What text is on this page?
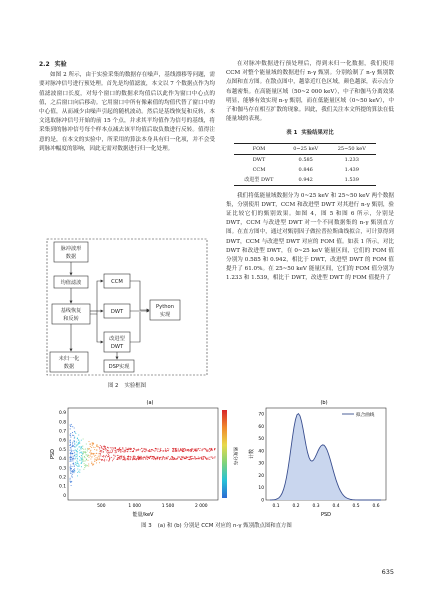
2.2 实验

如图 2 所示，由于实验采集的数据存在噪声，基线漂移等问题，需要对脉冲信号进行预处理。首先是均值滤波，本文以 7 个数据点作为均值滤波窗口长度，对每个窗口的数据求均值后以此作为窗口中心点的值，之后窗口向后移动。它用窗口中所有像素值的均值代替了窗口中的中心值，从而减少由噪声引起的随机波动。然后是基线恢复和反转，本文选取脉冲信号开始的前 15 个点，并求其平均值作为信号的基线，将采集到的脉冲信号每个样本点减去该平均值后取负数进行反转。值得注意的是，在本文的实验中，所采用的算法本身具有归一化项，并不会受到脉冲幅度的影响，因此无需对数据进行归一化处理。

脉冲波形
数据
均值滤波
基线恢复
和反转
CCM
DWT
改进型
DWT
Python
实现
DSP实现
未归一化
数据
图 2 实验框图

在对脉冲数据进行预处理后，得到未归一化数据，我们使用 CCM 对整个能量域的数据进行 n-γ 甄别。分别绘制了 n-γ 甄别散点图和直方图。在散点图中，越靠近红色区域，颜色越深，表示点分布越密集。在高能量区域（50~2 000 keV），中子和伽马分离效果明显，能够有效实现 n-γ 甄别，而在低能量区域（0~50 keV），中子和伽马存在相互扩散的现象。因此，我们关注本文所提的算法在低能量域的表现。

表 1 实验结果对比
FOM	0~25 keV	25~50 keV
DWT	0.585	1.233
CCM	0.846	1.439
改进型 DWT	0.942	1.539

我们将低能量域数据分为 0~25 keV 和 25~50 keV 两个数据集，分别使用 DWT，CCM 和改进型 DWT 对其进行 n-γ 甄别，验证比较它们的甄别效果。如图 4，图 5 和图 6 所示，分别是 DWT，CCM 与改进型 DWT 对一个不同数据集的 n-γ 甄别直方图。在直方图中，通过对甄别因子做拉普拉斯曲线拟合，可计算得到 DWT，CCM 与改进型 DWT 对应的 FOM 值。如表 1 所示，对比 DWT 和改进型 DWT，在 0~25 keV 能量区间，它们的 FOM 值分别为 0.585 和 0.942，相比于 DWT，改进型 DWT 的 FOM 值提升了 61.0%。在 25~50 keV 能量区间，它们的 FOM 值分别为 1.233 和 1.539，相比于 DWT，改进型 DWT 的 FOM 值提升了

(a)
0.9
0.8
0.7
0.6
0.5
0.4
0.3
0.2
0.1
0
500	1 000	1 500	2 000
PSD
能量/keV
密度分布
(b)
0
10
20
30
40
50
60
70
0.1	0.2	0.3	0.4	0.5	0.6
拟合曲线
计数
PSD
图 3 (a) 和 (b) 分别是 CCM 对应的 n-γ 甄别散点图和直方图
635
